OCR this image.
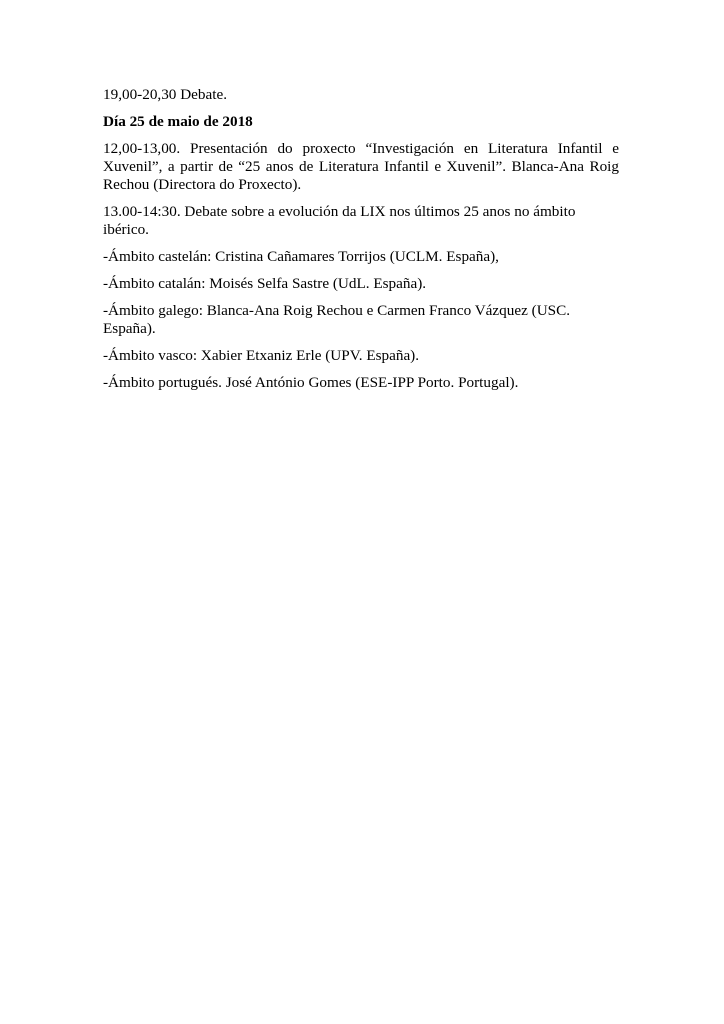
19,00-20,30 Debate.

Día 25 de maio de 2018

12,00-13,00. Presentación do proxecto “Investigación en Literatura Infantil e Xuvenil”, a partir de “25 anos de Literatura Infantil e Xuvenil”. Blanca-Ana Roig Rechou (Directora do Proxecto).

13.00-14:30. Debate sobre a evolución da LIX nos últimos 25 anos no ámbito ibérico.

-Ámbito castelán: Cristina Cañamares Torrijos (UCLM. España),

-Ámbito catalán: Moisés Selfa Sastre (UdL. España).

-Ámbito galego: Blanca-Ana Roig Rechou e Carmen Franco Vázquez (USC. España).

-Ámbito vasco: Xabier Etxaniz Erle (UPV. España).

-Ámbito portugués. José António Gomes (ESE-IPP Porto. Portugal).
